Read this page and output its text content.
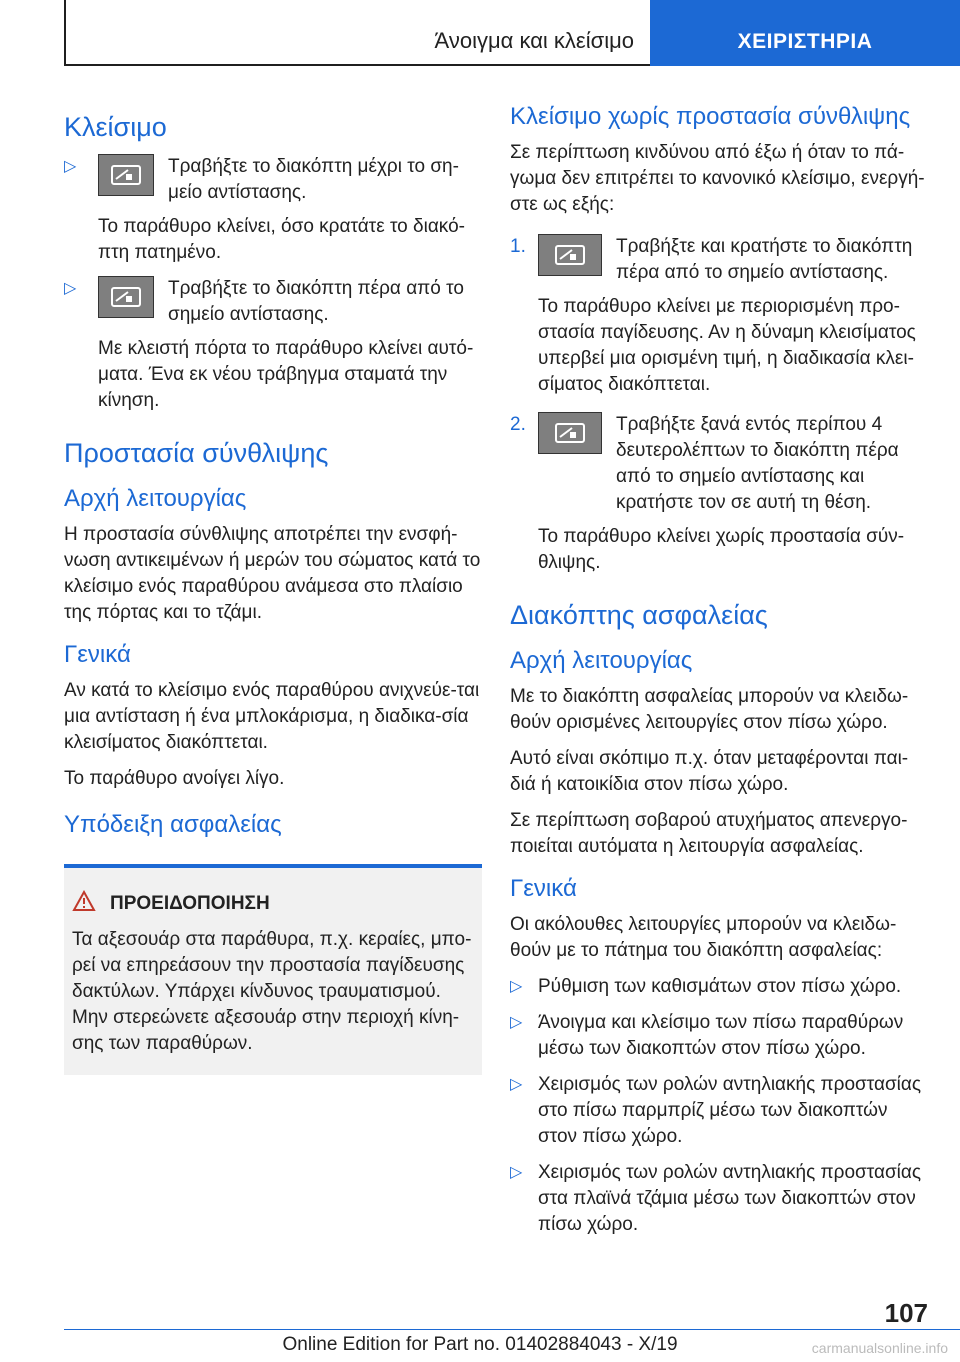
Άνοιγμα και κλείσιμο	ΧΕΙΡΙΣΤΗΡΙΑ
Κλείσιμο
▷	Τραβήξτε το διακόπτη μέχρι το ση-μείο αντίστασης.

Το παράθυρο κλείνει, όσο κρατάτε το διακό-πτη πατημένο.

▷	Τραβήξτε το διακόπτη πέρα από το σημείο αντίστασης.

Με κλειστή πόρτα το παράθυρο κλείνει αυτό-ματα. Ένα εκ νέου τράβηγμα σταματά την κίνηση.

Προστασία σύνθλιψης
Αρχή λειτουργίας

Η προστασία σύνθλιψης αποτρέπει την ενσφή-νωση αντικειμένων ή μερών του σώματος κατά το κλείσιμο ενός παραθύρου ανάμεσα στο πλαίσιο της πόρτας και το τζάμι.

Γενικά

Αν κατά το κλείσιμο ενός παραθύρου ανιχνεύε-ται μια αντίσταση ή ένα μπλοκάρισμα, η διαδικα-σία κλεισίματος διακόπτεται.

Το παράθυρο ανοίγει λίγο.

Υπόδειξη ασφαλείας
ΠΡΟΕΙΔΟΠΟΙΗΣΗ

Τα αξεσουάρ στα παράθυρα, π.χ. κεραίες, μπο-ρεί να επηρεάσουν την προστασία παγίδευσης δακτύλων. Υπάρχει κίνδυνος τραυματισμού. Μην στερεώνετε αξεσουάρ στην περιοχή κίνη-σης των παραθύρων.

Κλείσιμο χωρίς προστασία σύνθλιψης

Σε περίπτωση κινδύνου από έξω ή όταν το πά-γωμα δεν επιτρέπει το κανονικό κλείσιμο, ενεργή-στε ως εξής:

1.	Τραβήξτε και κρατήστε το διακόπτη πέρα από το σημείο αντίστασης.

Το παράθυρο κλείνει με περιορισμένη προ-στασία παγίδευσης. Αν η δύναμη κλεισίματος υπερβεί μια ορισμένη τιμή, η διαδικασία κλει-σίματος διακόπτεται.

2.	Τραβήξτε ξανά εντός περίπου 4 δευτερολέπτων το διακόπτη πέρα από το σημείο αντίστασης και κρατήστε τον σε αυτή τη θέση.

Το παράθυρο κλείνει χωρίς προστασία σύν-θλιψης.

Διακόπτης ασφαλείας
Αρχή λειτουργίας

Με το διακόπτη ασφαλείας μπορούν να κλειδω-θούν ορισμένες λειτουργίες στον πίσω χώρο.

Αυτό είναι σκόπιμο π.χ. όταν μεταφέρονται παι-διά ή κατοικίδια στον πίσω χώρο.

Σε περίπτωση σοβαρού ατυχήματος απενεργο-ποιείται αυτόματα η λειτουργία ασφαλείας.

Γενικά

Οι ακόλουθες λειτουργίες μπορούν να κλειδω-θούν με το πάτημα του διακόπτη ασφαλείας:

▷ Ρύθμιση των καθισμάτων στον πίσω χώρο.
▷ Άνοιγμα και κλείσιμο των πίσω παραθύρων μέσω των διακοπτών στον πίσω χώρο.
▷ Χειρισμός των ρολών αντηλιακής προστασίας στο πίσω παρμπρίζ μέσω των διακοπτών στον πίσω χώρο.
▷ Χειρισμός των ρολών αντηλιακής προστασίας στα πλαϊνά τζάμια μέσω των διακοπτών στον πίσω χώρο.
107
Online Edition for Part no. 01402884043 - X/19	carmanualsonline.info
